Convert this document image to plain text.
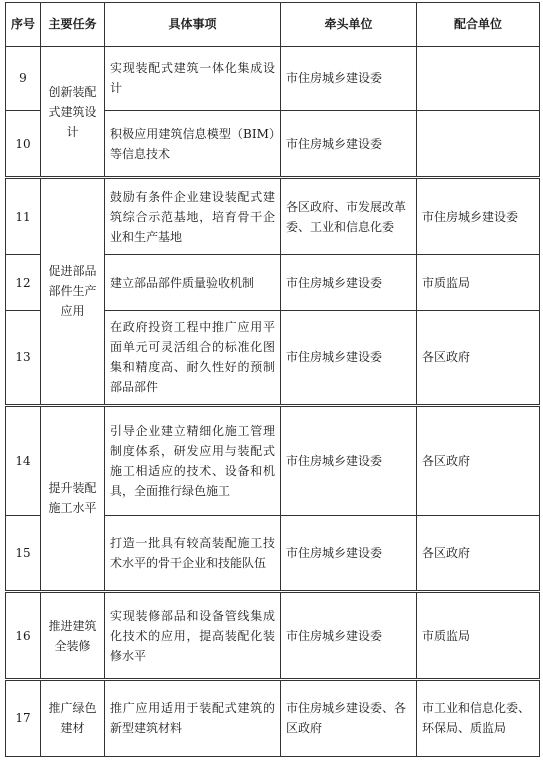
序号	主要任务	具体事项	牵头单位	配合单位
9	创新装配式建筑设计	实现装配式建筑一体化集成设计	市住房城乡建设委	
10		积极应用建筑信息模型（BIM）等信息技术	市住房城乡建设委	
11	促进部品部件生产应用	鼓励有条件企业建设装配式建筑综合示范基地，培育骨干企业和生产基地	各区政府、市发展改革委、工业和信息化委	市住房城乡建设委
12		建立部品部件质量验收机制	市住房城乡建设委	市质监局
13		在政府投资工程中推广应用平面单元可灵活组合的标准化图集和精度高、耐久性好的预制部品部件	市住房城乡建设委	各区政府
14	提升装配施工水平	引导企业建立精细化施工管理制度体系，研发应用与装配式施工相适应的技术、设备和机具，全面推行绿色施工	市住房城乡建设委	各区政府
15		打造一批具有较高装配施工技术水平的骨干企业和技能队伍	市住房城乡建设委	各区政府
16	推进建筑全装修	实现装修部品和设备管线集成化技术的应用，提高装配化装修水平	市住房城乡建设委	市质监局
17	推广绿色建材	推广应用适用于装配式建筑的新型建筑材料	市住房城乡建设委、各区政府	市工业和信息化委、环保局、质监局
